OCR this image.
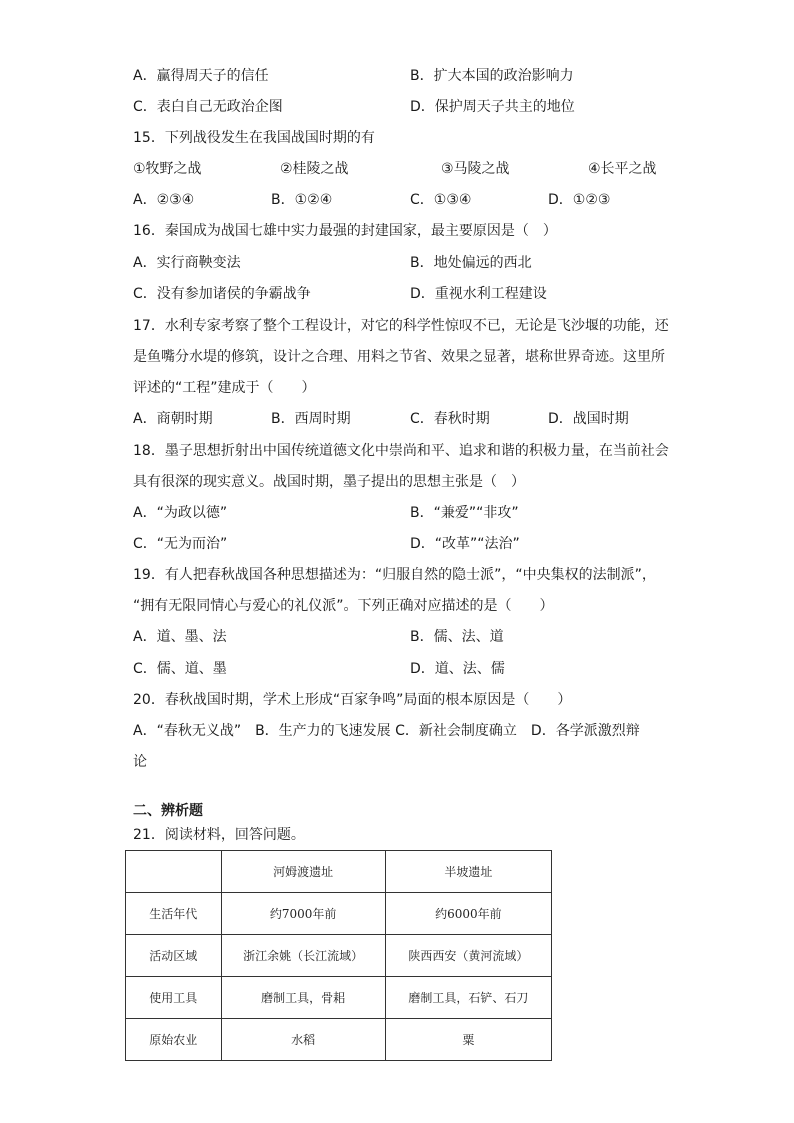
A．赢得周天子的信任	B．扩大本国的政治影响力
C．表白自己无政治企图	D．保护周天子共主的地位
15．下列战役发生在我国战国时期的有
①牧野之战	②桂陵之战	③马陵之战	④长平之战
A．②③④	B．①②④	C．①③④	D．①②③
16．秦国成为战国七雄中实力最强的封建国家，最主要原因是（　）
A．实行商鞅变法	B．地处偏远的西北
C．没有参加诸侯的争霸战争	D．重视水利工程建设
17．水利专家考察了整个工程设计，对它的科学性惊叹不已，无论是飞沙堰的功能，还
是鱼嘴分水堤的修筑，设计之合理、用料之节省、效果之显著，堪称世界奇迹。这里所
评述的“工程”建成于（　　）
A．商朝时期	B．西周时期	C．春秋时期	D．战国时期
18．墨子思想折射出中国传统道德文化中崇尚和平、追求和谐的积极力量，在当前社会
具有很深的现实意义。战国时期，墨子提出的思想主张是（　）
A．“为政以德”	B．“兼爱”“非攻”
C．“无为而治”	D．“改革”“法治”
19．有人把春秋战国各种思想描述为：“归服自然的隐士派”，“中央集权的法制派”，
“拥有无限同情心与爱心的礼仪派”。下列正确对应描述的是（　　）
A．道、墨、法	B．儒、法、道
C．儒、道、墨	D．道、法、儒
20．春秋战国时期，学术上形成“百家争鸣”局面的根本原因是（　　）
A．“春秋无义战”　B．生产力的飞速发展 C．新社会制度确立　D．各学派激烈辩
论
二、辨析题
21．阅读材料，回答问题。
	河姆渡遗址	半坡遗址
生活年代	约7000年前	约6000年前
活动区域	浙江余姚（长江流域）	陕西西安（黄河流域）
使用工具	磨制工具，骨耜	磨制工具，石铲、石刀
原始农业	水稻	粟
